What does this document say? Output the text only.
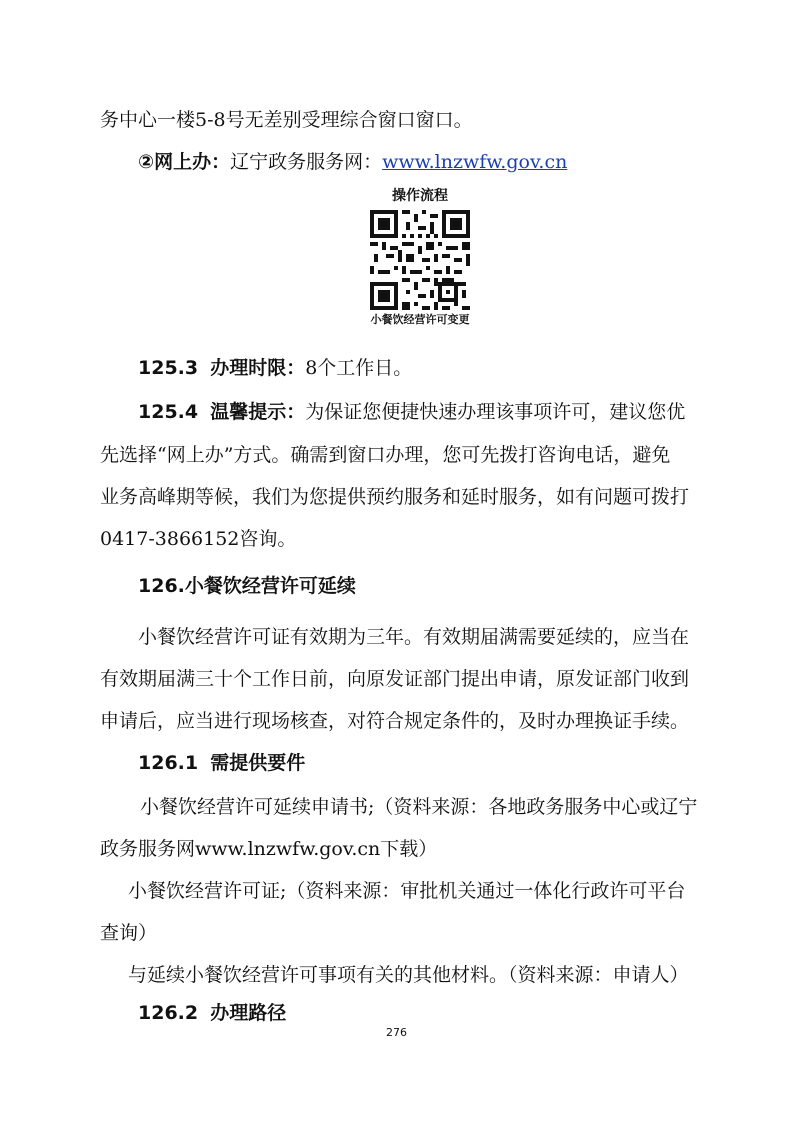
务中心一楼5-8号无差别受理综合窗口窗口。
②网上办：辽宁政务服务网：www.lnzwfw.gov.cn
操作流程
小餐饮经营许可变更
125.3 办理时限：8个工作日。
125.4 温馨提示：为保证您便捷快速办理该事项许可，建议您优
先选择“网上办”方式。确需到窗口办理，您可先拨打咨询电话，避免
业务高峰期等候，我们为您提供预约服务和延时服务，如有问题可拨打
0417-3866152咨询。
126.小餐饮经营许可延续
小餐饮经营许可证有效期为三年。有效期届满需要延续的，应当在
有效期届满三十个工作日前，向原发证部门提出申请，原发证部门收到
申请后，应当进行现场核查，对符合规定条件的，及时办理换证手续。
126.1 需提供要件
小餐饮经营许可延续申请书;（资料来源：各地政务服务中心或辽宁
政务服务网www.lnzwfw.gov.cn下载）
小餐饮经营许可证;（资料来源：审批机关通过一体化行政许可平台
查询）
与延续小餐饮经营许可事项有关的其他材料。（资料来源：申请人）
126.2 办理路径
276
